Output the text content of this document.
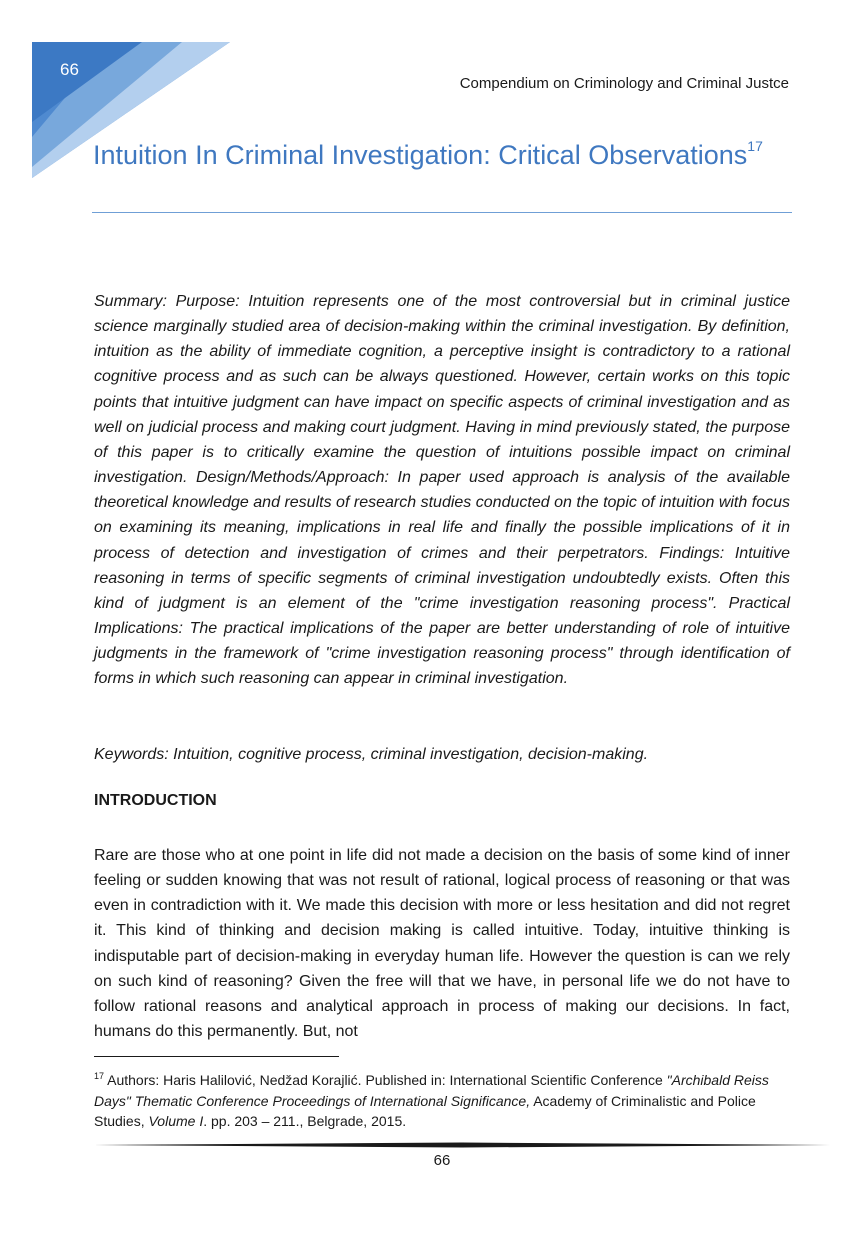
66
Compendium on Criminology and Criminal Justce
Intuition In Criminal Investigation: Critical Observations$^{17}$
Haris Halilović, Nedžad Korajlić

Summary: Purpose: Intuition represents one of the most controversial but in criminal justice science marginally studied area of decision-making within the criminal investigation. By definition, intuition as the ability of immediate cognition, a perceptive insight is contradictory to a rational cognitive process and as such can be always questioned. However, certain works on this topic points that intuitive judgment can have impact on specific aspects of criminal investigation and as well on judicial process and making court judgment. Having in mind previously stated, the purpose of this paper is to critically examine the question of intuitions possible impact on criminal investigation. Design/Methods/Approach: In paper used approach is analysis of the available theoretical knowledge and results of research studies conducted on the topic of intuition with focus on examining its meaning, implications in real life and finally the possible implications of it in process of detection and investigation of crimes and their perpetrators. Findings: Intuitive reasoning in terms of specific segments of criminal investigation undoubtedly exists. Often this kind of judgment is an element of the "crime investigation reasoning process". Practical Implications: The practical implications of the paper are better understanding of role of intuitive judgments in the framework of "crime investigation reasoning process" through identification of forms in which such reasoning can appear in criminal investigation.

Keywords: Intuition, cognitive process, criminal investigation, decision-making.

INTRODUCTION

Rare are those who at one point in life did not made a decision on the basis of some kind of inner feeling or sudden knowing that was not result of rational, logical process of reasoning or that was even in contradiction with it. We made this decision with more or less hesitation and did not regret it. This kind of thinking and decision making is called intuitive. Today, intuitive thinking is indisputable part of decision-making in everyday human life. However the question is can we rely on such kind of reasoning? Given the free will that we have, in personal life we do not have to follow rational reasons and analytical approach in process of making our decisions. In fact, humans do this permanently. But, not

$^{17}$ Authors: Haris Halilović, Nedžad Korajlić. Published in: International Scientific Conference "Archibald Reiss Days" Thematic Conference Proceedings of International Significance, Academy of Criminalistic and Police Studies, Volume I. pp. 203 – 211., Belgrade, 2015.

66
